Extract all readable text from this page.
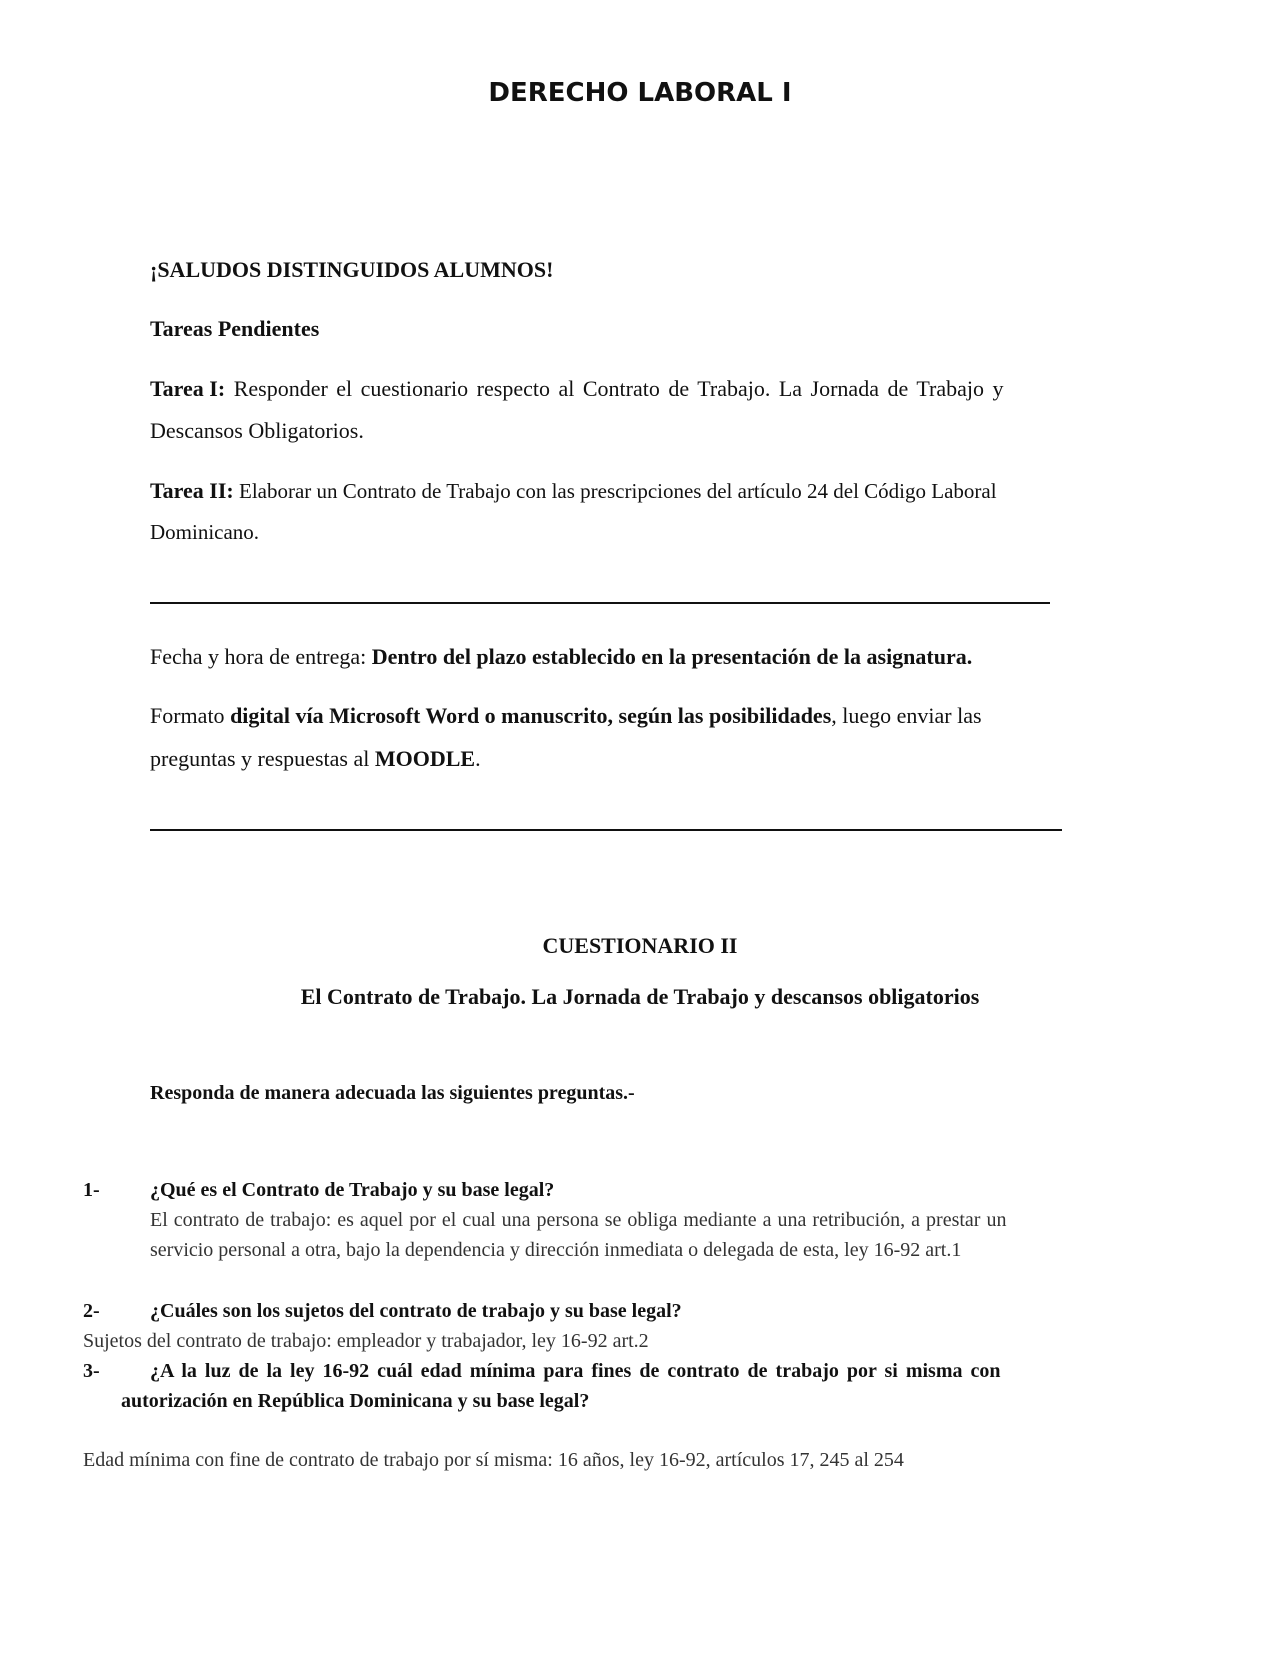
DERECHO LABORAL I
¡SALUDOS DISTINGUIDOS ALUMNOS!
Tareas Pendientes
Tarea I: Responder el cuestionario respecto al Contrato de Trabajo. La Jornada de Trabajo y
Descansos Obligatorios.
Tarea II: Elaborar un Contrato de Trabajo con las prescripciones del artículo 24 del Código Laboral
Dominicano.
Fecha y hora de entrega: Dentro del plazo establecido en la presentación de la asignatura.
Formato digital vía Microsoft Word o manuscrito, según las posibilidades, luego enviar las
preguntas y respuestas al MOODLE.
CUESTIONARIO II
El Contrato de Trabajo. La Jornada de Trabajo y descansos obligatorios
Responda de manera adecuada las siguientes preguntas.-
1-	¿Qué es el Contrato de Trabajo y su base legal?
El contrato de trabajo: es aquel por el cual una persona se obliga mediante a una retribución, a prestar un
servicio personal a otra, bajo la dependencia y dirección inmediata o delegada de esta, ley 16-92 art.1
2-	¿Cuáles son los sujetos del contrato de trabajo y su base legal?
Sujetos del contrato de trabajo: empleador y trabajador, ley 16-92 art.2
3-	¿A la luz de la ley 16-92 cuál edad mínima para fines de contrato de trabajo por si misma con
autorización en República Dominicana y su base legal?
Edad mínima con fine de contrato de trabajo por sí misma: 16 años, ley 16-92, artículos 17, 245 al 254
